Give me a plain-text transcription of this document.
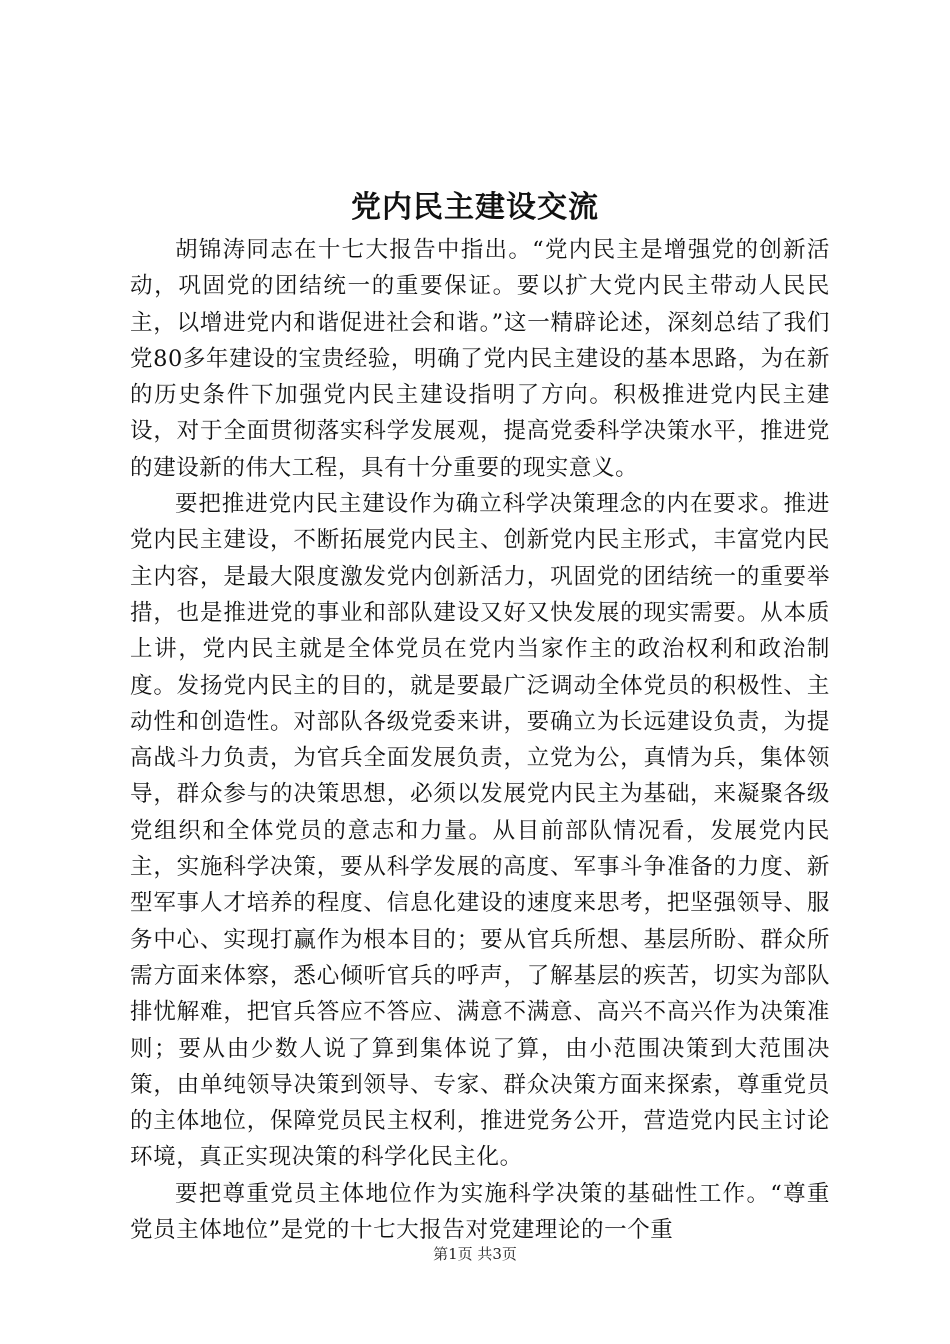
党内民主建设交流

胡锦涛同志在十七大报告中指出。“党内民主是增强党的创新活动，巩固党的团结统一的重要保证。要以扩大党内民主带动人民民主，以增进党内和谐促进社会和谐。”这一精辟论述，深刻总结了我们党80多年建设的宝贵经验，明确了党内民主建设的基本思路，为在新的历史条件下加强党内民主建设指明了方向。积极推进党内民主建设，对于全面贯彻落实科学发展观，提高党委科学决策水平，推进党的建设新的伟大工程，具有十分重要的现实意义。

要把推进党内民主建设作为确立科学决策理念的内在要求。推进党内民主建设，不断拓展党内民主、创新党内民主形式，丰富党内民主内容，是最大限度激发党内创新活力，巩固党的团结统一的重要举措，也是推进党的事业和部队建设又好又快发展的现实需要。从本质上讲，党内民主就是全体党员在党内当家作主的政治权利和政治制度。发扬党内民主的目的，就是要最广泛调动全体党员的积极性、主动性和创造性。对部队各级党委来讲，要确立为长远建设负责，为提高战斗力负责，为官兵全面发展负责，立党为公，真情为兵，集体领导，群众参与的决策思想，必须以发展党内民主为基础，来凝聚各级党组织和全体党员的意志和力量。从目前部队情况看，发展党内民主，实施科学决策，要从科学发展的高度、军事斗争准备的力度、新型军事人才培养的程度、信息化建设的速度来思考，把坚强领导、服务中心、实现打赢作为根本目的；要从官兵所想、基层所盼、群众所需方面来体察，悉心倾听官兵的呼声，了解基层的疾苦，切实为部队排忧解难，把官兵答应不答应、满意不满意、高兴不高兴作为决策准则；要从由少数人说了算到集体说了算，由小范围决策到大范围决策，由单纯领导决策到领导、专家、群众决策方面来探索，尊重党员的主体地位，保障党员民主权利，推进党务公开，营造党内民主讨论环境，真正实现决策的科学化民主化。

要把尊重党员主体地位作为实施科学决策的基础性工作。“尊重党员主体地位”是党的十七大报告对党建理论的一个重

第1页 共3页
